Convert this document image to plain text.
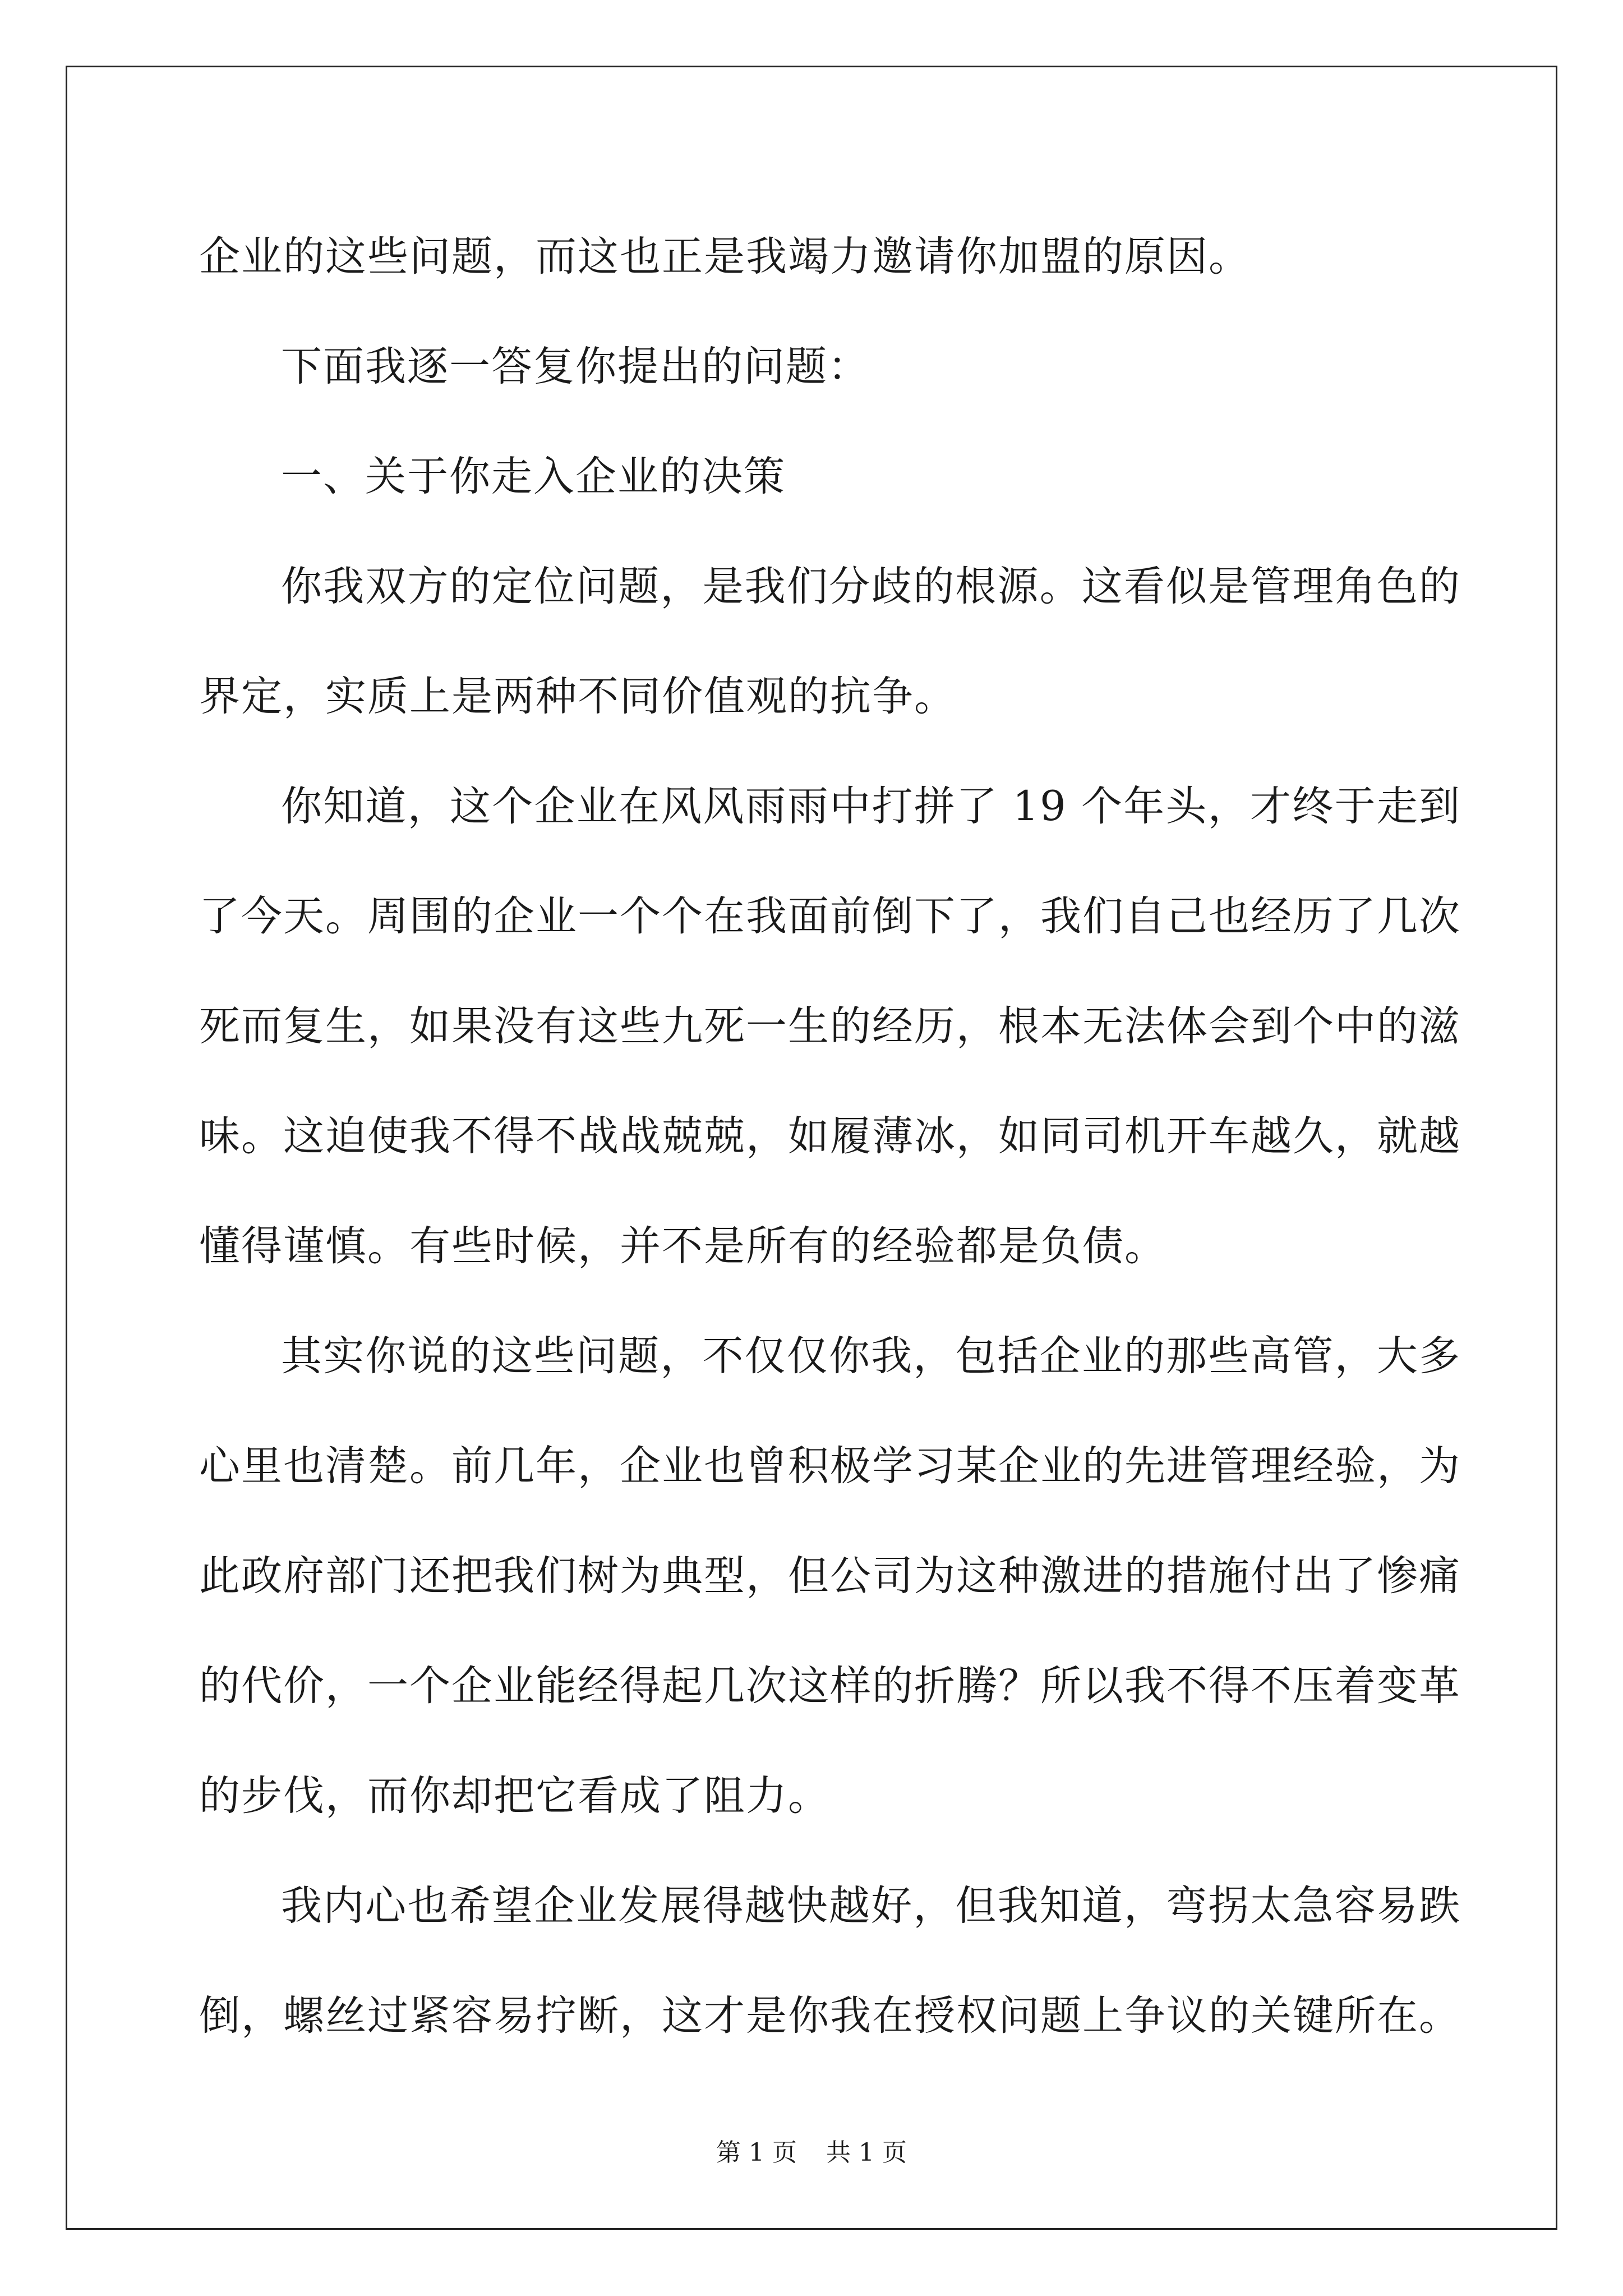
企业的这些问题，而这也正是我竭力邀请你加盟的原因。

下面我逐一答复你提出的问题：

一、关于你走入企业的决策

你我双方的定位问题，是我们分歧的根源。这看似是管理角色的界定，实质上是两种不同价值观的抗争。

你知道，这个企业在风风雨雨中打拼了 19 个年头，才终于走到了今天。周围的企业一个个在我面前倒下了，我们自己也经历了几次死而复生，如果没有这些九死一生的经历，根本无法体会到个中的滋味。这迫使我不得不战战兢兢，如履薄冰，如同司机开车越久，就越懂得谨慎。有些时候，并不是所有的经验都是负债。

其实你说的这些问题，不仅仅你我，包括企业的那些高管，大多心里也清楚。前几年，企业也曾积极学习某企业的先进管理经验，为此政府部门还把我们树为典型，但公司为这种激进的措施付出了惨痛的代价，一个企业能经得起几次这样的折腾？所以我不得不压着变革的步伐，而你却把它看成了阻力。

我内心也希望企业发展得越快越好，但我知道，弯拐太急容易跌倒，螺丝过紧容易拧断，这才是你我在授权问题上争议的关键所在。

第 1 页 共 1 页
